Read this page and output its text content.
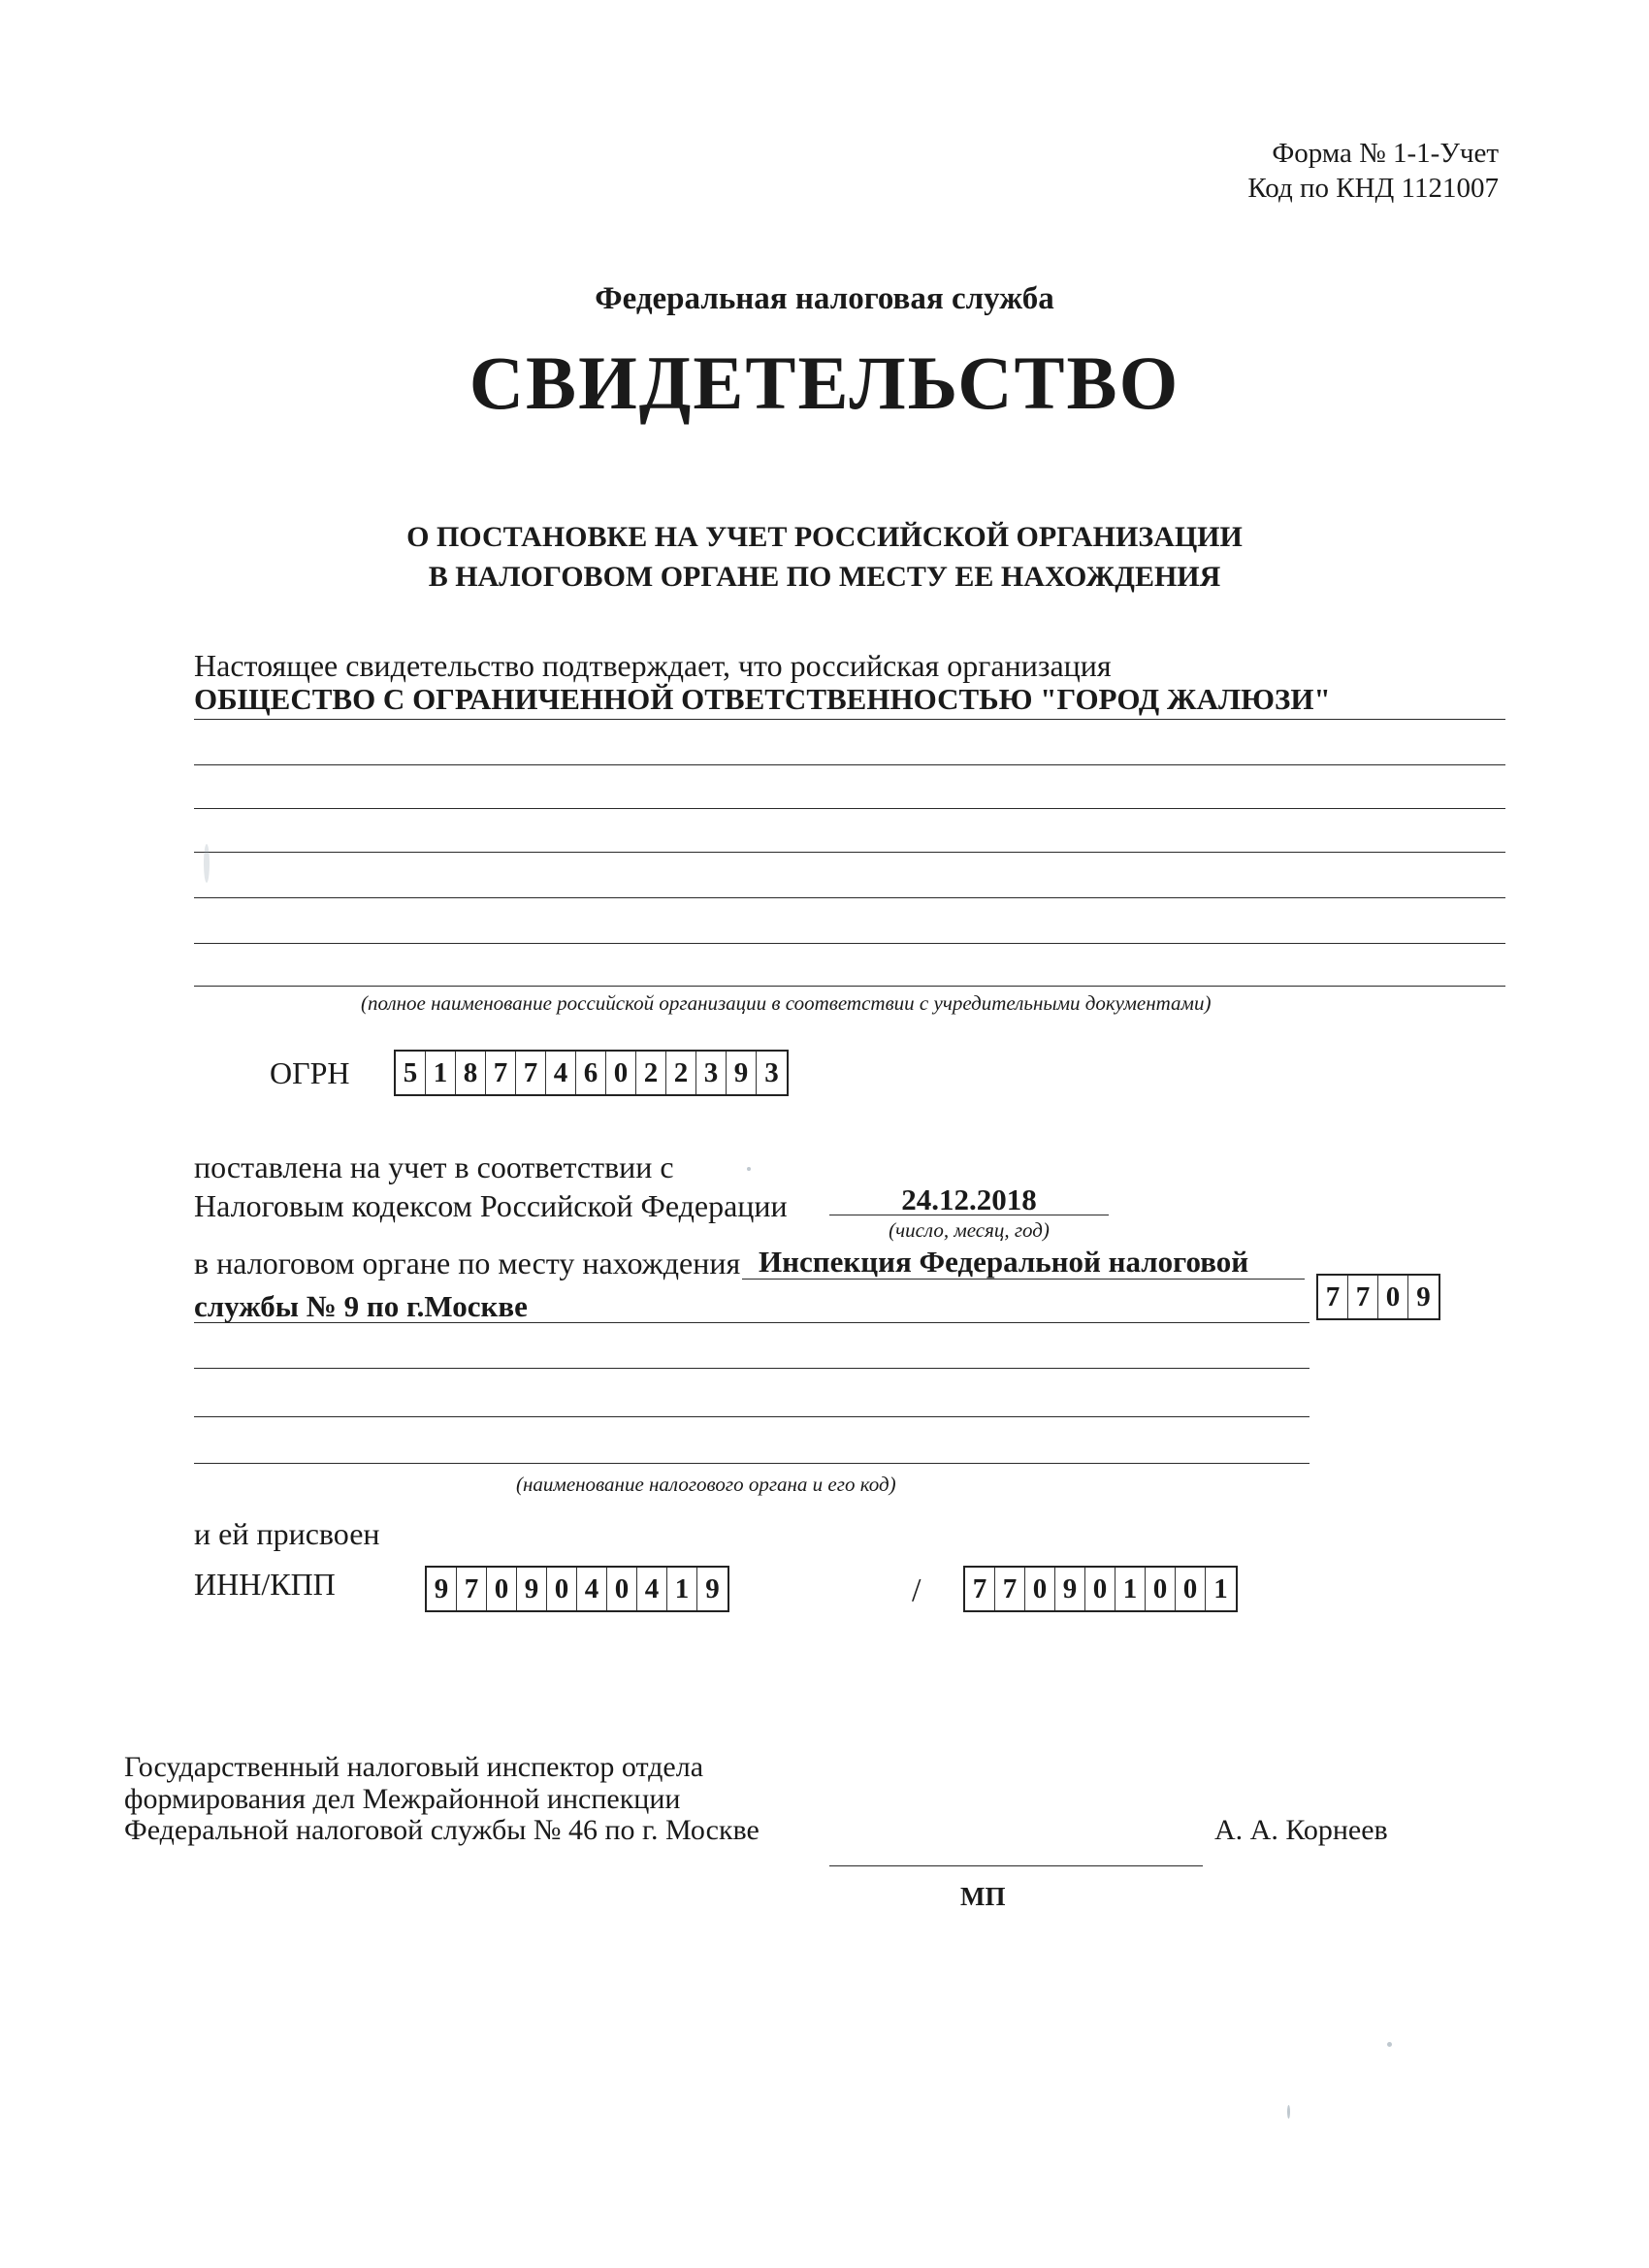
Форма № 1-1-Учет
Код по КНД 1121007
Федеральная налоговая служба
СВИДЕТЕЛЬСТВО
О ПОСТАНОВКЕ НА УЧЕТ РОССИЙСКОЙ ОРГАНИЗАЦИИ
В НАЛОГОВОМ ОРГАНЕ ПО МЕСТУ ЕЕ НАХОЖДЕНИЯ
Настоящее свидетельство подтверждает, что российская организация
ОБЩЕСТВО С ОГРАНИЧЕННОЙ ОТВЕТСТВЕННОСТЬЮ "ГОРОД ЖАЛЮЗИ"
(полное наименование российской организации в соответствии с учредительными документами)
ОГРН 5 1 8 7 7 4 6 0 2 2 3 9 3
поставлена на учет в соответствии с
Налоговым кодексом Российской Федерации	24.12.2018
(число, месяц, год)
в налоговом органе по месту нахождения Инспекция Федеральной налоговой
службы № 9 по г.Москве	7 7 0 9
(наименование налогового органа и его код)
и ей присвоен
ИНН/КПП	9 7 0 9 0 4 0 4 1 9	/ 7 7 0 9 0 1 0 0 1
Государственный налоговый инспектор отдела
формирования дел Межрайонной инспекции
Федеральной налоговой службы № 46 по г. Москве	А. А. Корнеев
МП
